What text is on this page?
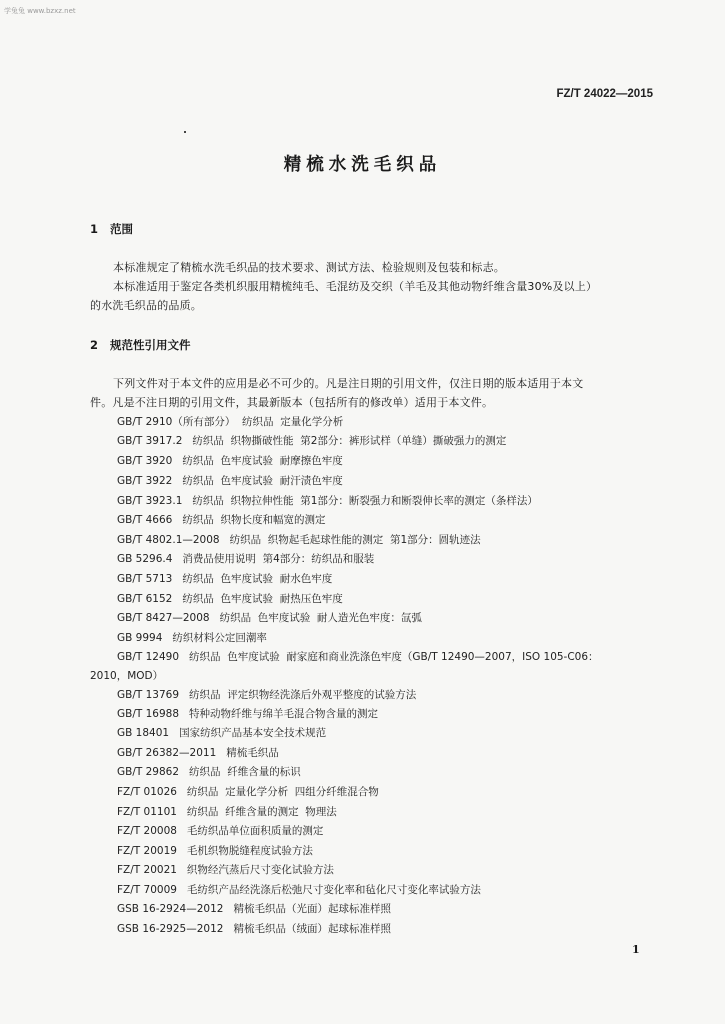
学兔兔 www.bzxz.net
FZ/T 24022—2015
精梳水洗毛织品
1   范围
本标准规定了精梳水洗毛织品的技术要求、测试方法、检验规则及包装和标志。
本标准适用于鉴定各类机织服用精梳纯毛、毛混纺及交织（羊毛及其他动物纤维含量30%及以上）
的水洗毛织品的品质。
2   规范性引用文件
下列文件对于本文件的应用是必不可少的。凡是注日期的引用文件，仅注日期的版本适用于本文
件。凡是不注日期的引用文件，其最新版本（包括所有的修改单）适用于本文件。
GB/T 2910（所有部分）  纺织品  定量化学分析
GB/T 3917.2   纺织品  织物撕破性能  第2部分：裤形试样（单缝）撕破强力的测定
GB/T 3920   纺织品  色牢度试验  耐摩擦色牢度
GB/T 3922   纺织品  色牢度试验  耐汗渍色牢度
GB/T 3923.1   纺织品  织物拉伸性能  第1部分：断裂强力和断裂伸长率的测定（条样法）
GB/T 4666   纺织品  织物长度和幅宽的测定
GB/T 4802.1—2008   纺织品  织物起毛起球性能的测定  第1部分：圆轨迹法
GB 5296.4   消费品使用说明  第4部分：纺织品和服装
GB/T 5713   纺织品  色牢度试验  耐水色牢度
GB/T 6152   纺织品  色牢度试验  耐热压色牢度
GB/T 8427—2008   纺织品  色牢度试验  耐人造光色牢度：氙弧
GB 9994   纺织材料公定回潮率
GB/T 12490   纺织品  色牢度试验  耐家庭和商业洗涤色牢度（GB/T 12490—2007，ISO 105-C06：
2010，MOD）
GB/T 13769   纺织品  评定织物经洗涤后外观平整度的试验方法
GB/T 16988   特种动物纤维与绵羊毛混合物含量的测定
GB 18401   国家纺织产品基本安全技术规范
GB/T 26382—2011   精梳毛织品
GB/T 29862   纺织品  纤维含量的标识
FZ/T 01026   纺织品  定量化学分析  四组分纤维混合物
FZ/T 01101   纺织品  纤维含量的测定  物理法
FZ/T 20008   毛纺织品单位面积质量的测定
FZ/T 20019   毛机织物脱缝程度试验方法
FZ/T 20021   织物经汽蒸后尺寸变化试验方法
FZ/T 70009   毛纺织产品经洗涤后松弛尺寸变化率和毡化尺寸变化率试验方法
GSB 16-2924—2012   精梳毛织品（光面）起球标准样照
GSB 16-2925—2012   精梳毛织品（绒面）起球标准样照
1
